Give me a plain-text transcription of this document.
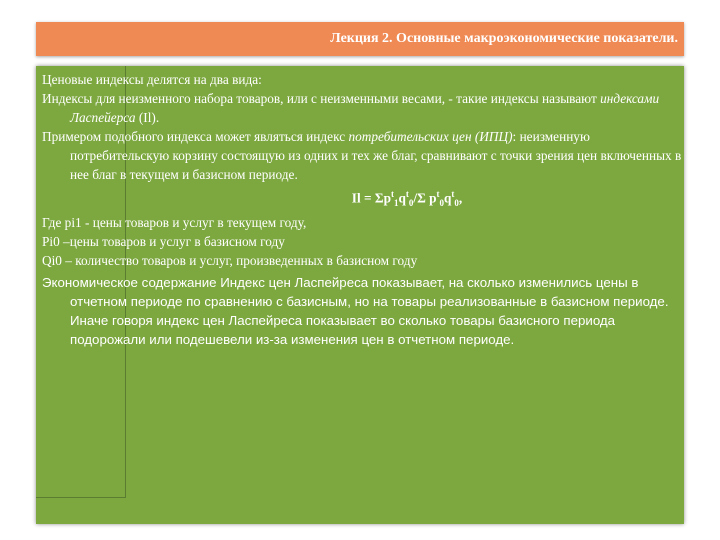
Лекция 2. Основные макроэкономические показатели.

Ценовые индексы делятся на два вида:

Индексы для неизменного набора товаров, или с неизменными весами, - такие индексы называют индексами Ласпейерса (Il).

Примером подобного индекса может являться индекс потребительских цен (ИПЦ): неизменную потребительскую корзину состоящую из одних и тех же благ, сравнивают с точки зрения цен включенных в нее благ в текущем и базисном периоде.

$Il = \Sigma p^t_1q^t_0/\Sigma$ $p^t_0q^t_0$,

Где pi1 - цены товаров и услуг в текущем году,

Pi0 –цены товаров и услуг в базисном году

Qi0 – количество товаров и услуг, произведенных в базисном году

Экономическое содержание Индекс цен Ласпейреса показывает, на сколько изменились цены в отчетном периоде по сравнению с базисным, но на товары реализованные в базисном периоде. Иначе говоря индекс цен Ласпейреса показывает во сколько товары базисного периода подорожали или подешевели из-за изменения цен в отчетном периоде.
